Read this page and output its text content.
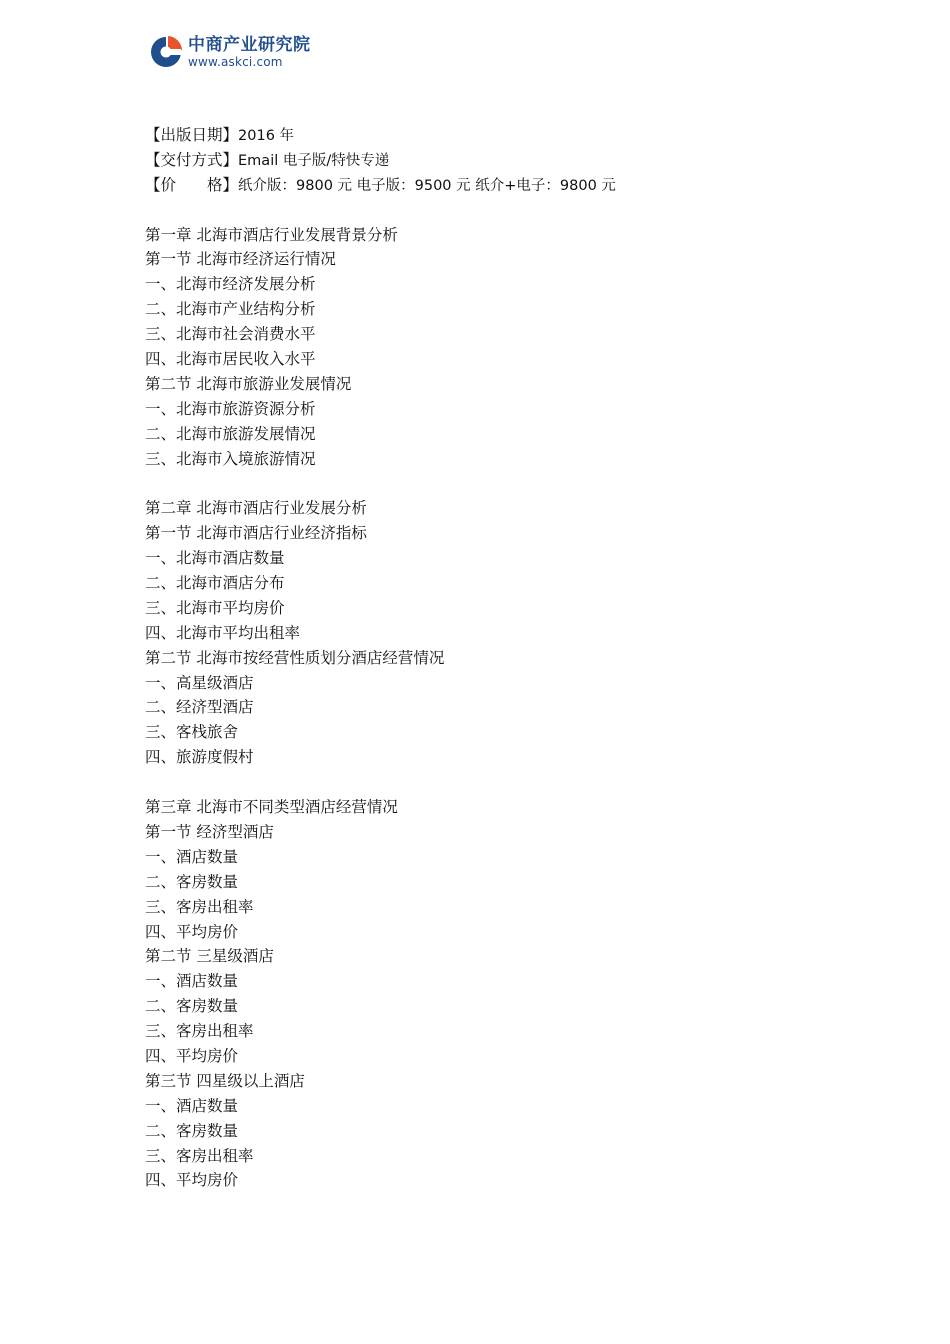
中商产业研究院
www.askci.com
【出版日期】2016 年
【交付方式】Email 电子版/特快专递
【价　　格】纸介版：9800 元 电子版：9500 元 纸介+电子：9800 元
第一章 北海市酒店行业发展背景分析
第一节 北海市经济运行情况
一、北海市经济发展分析
二、北海市产业结构分析
三、北海市社会消费水平
四、北海市居民收入水平
第二节 北海市旅游业发展情况
一、北海市旅游资源分析
二、北海市旅游发展情况
三、北海市入境旅游情况
第二章 北海市酒店行业发展分析
第一节 北海市酒店行业经济指标
一、北海市酒店数量
二、北海市酒店分布
三、北海市平均房价
四、北海市平均出租率
第二节 北海市按经营性质划分酒店经营情况
一、高星级酒店
二、经济型酒店
三、客栈旅舍
四、旅游度假村
第三章 北海市不同类型酒店经营情况
第一节 经济型酒店
一、酒店数量
二、客房数量
三、客房出租率
四、平均房价
第二节 三星级酒店
一、酒店数量
二、客房数量
三、客房出租率
四、平均房价
第三节 四星级以上酒店
一、酒店数量
二、客房数量
三、客房出租率
四、平均房价
